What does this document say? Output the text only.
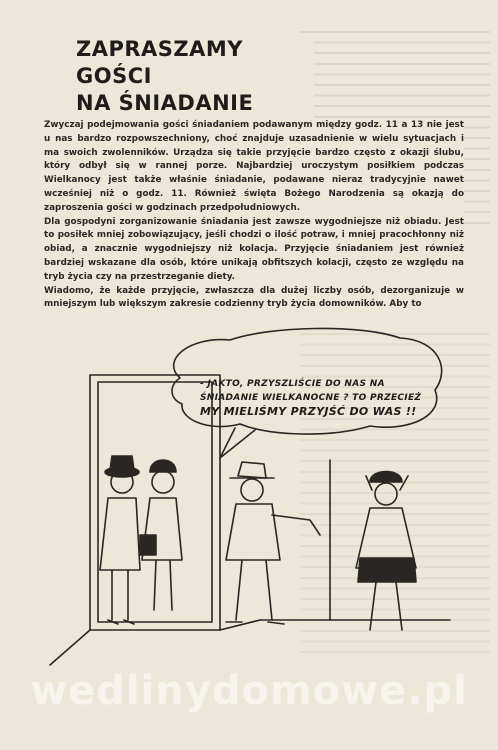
ZAPRASZAMY GOŚCI
NA ŚNIADANIE

Zwyczaj podejmowania gości śniadaniem podawanym między godz. 11 a 13 nie jest u nas bardzo rozpowszechniony, choć znajduje uzasadnienie w wielu sytuacjach i ma swoich zwolenników. Urządza się takie przyjęcie bardzo często z okazji ślubu, który odbył się w rannej porze. Najbardziej uroczystym posiłkiem podczas Wielkanocy jest także właśnie śniadanie, podawane nieraz tradycyjnie nawet wcześniej niż o godz. 11. Również święta Bożego Narodzenia są okazją do zaproszenia gości w godzinach przedpołudniowych.

Dla gospodyni zorganizowanie śniadania jest zawsze wygodniejsze niż obiadu. Jest to posiłek mniej zobowiązujący, jeśli chodzi o ilość potraw, i mniej pracochłonny niż obiad, a znacznie wygodniejszy niż kolacja. Przyjęcie śniadaniem jest również bardziej wskazane dla osób, które unikają obfitszych kolacji, często ze względu na tryb życia czy na przestrzeganie diety.

Wiadomo, że każde przyjęcie, zwłaszcza dla dużej liczby osób, dezorganizuje w mniejszym lub większym zakresie codzienny tryb życia domowników. Aby to

- JAKTO, PRZYSZLIŚCIE DO NAS NA
ŚNIADANIE WIELKANOCNE ? TO PRZECIEŻ
MY MIELIŚMY PRZYJŚĆ DO WAS !!
wedlinydomowe.pl
